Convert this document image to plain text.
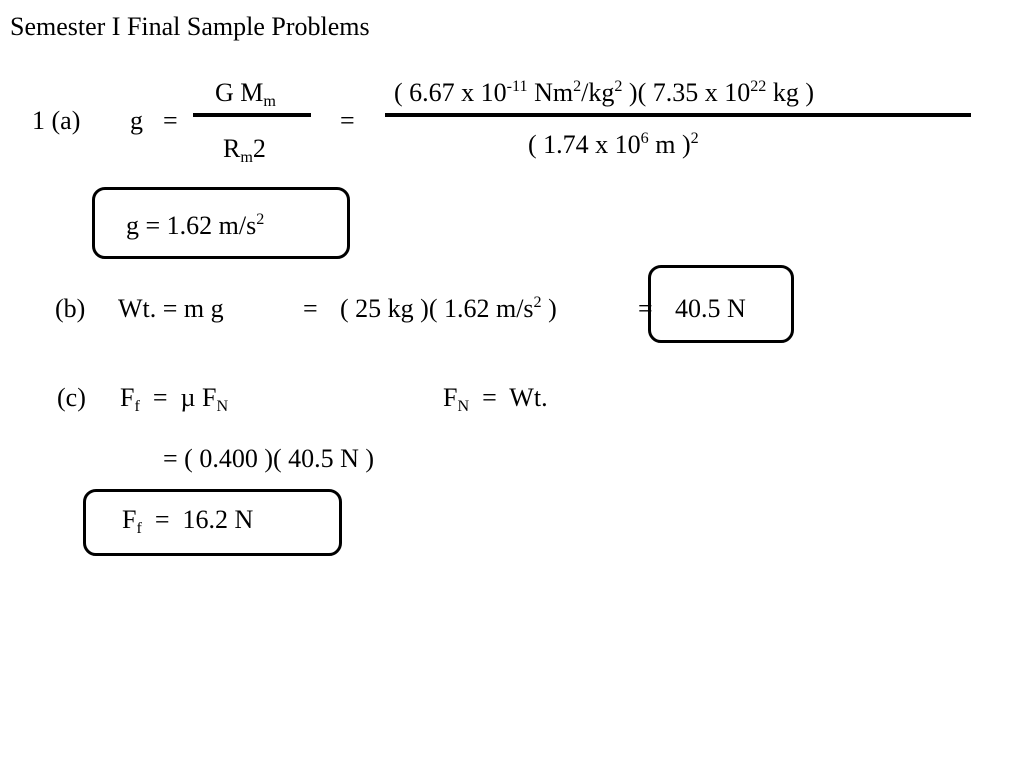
Semester I Final Sample Problems
1 (a) g =
G $M_m$
$R_m2$
=
( 6.67 x $10^{-11}$ $Nm^2/kg^2$ )( 7.35 x $10^{22}$ kg )
( 1.74 x $10^6$ m )$^2$
g = 1.62 $m/s^2$
(b) Wt. = m g	= ( 25 kg )( 1.62 $m/s^2$ )	= 40.5 N
(c) $F_f = \mu$ $F_N$	$F_N = Wt$.
= ( 0.400 )( 40.5 N )
$F_f = 16.2$ N
